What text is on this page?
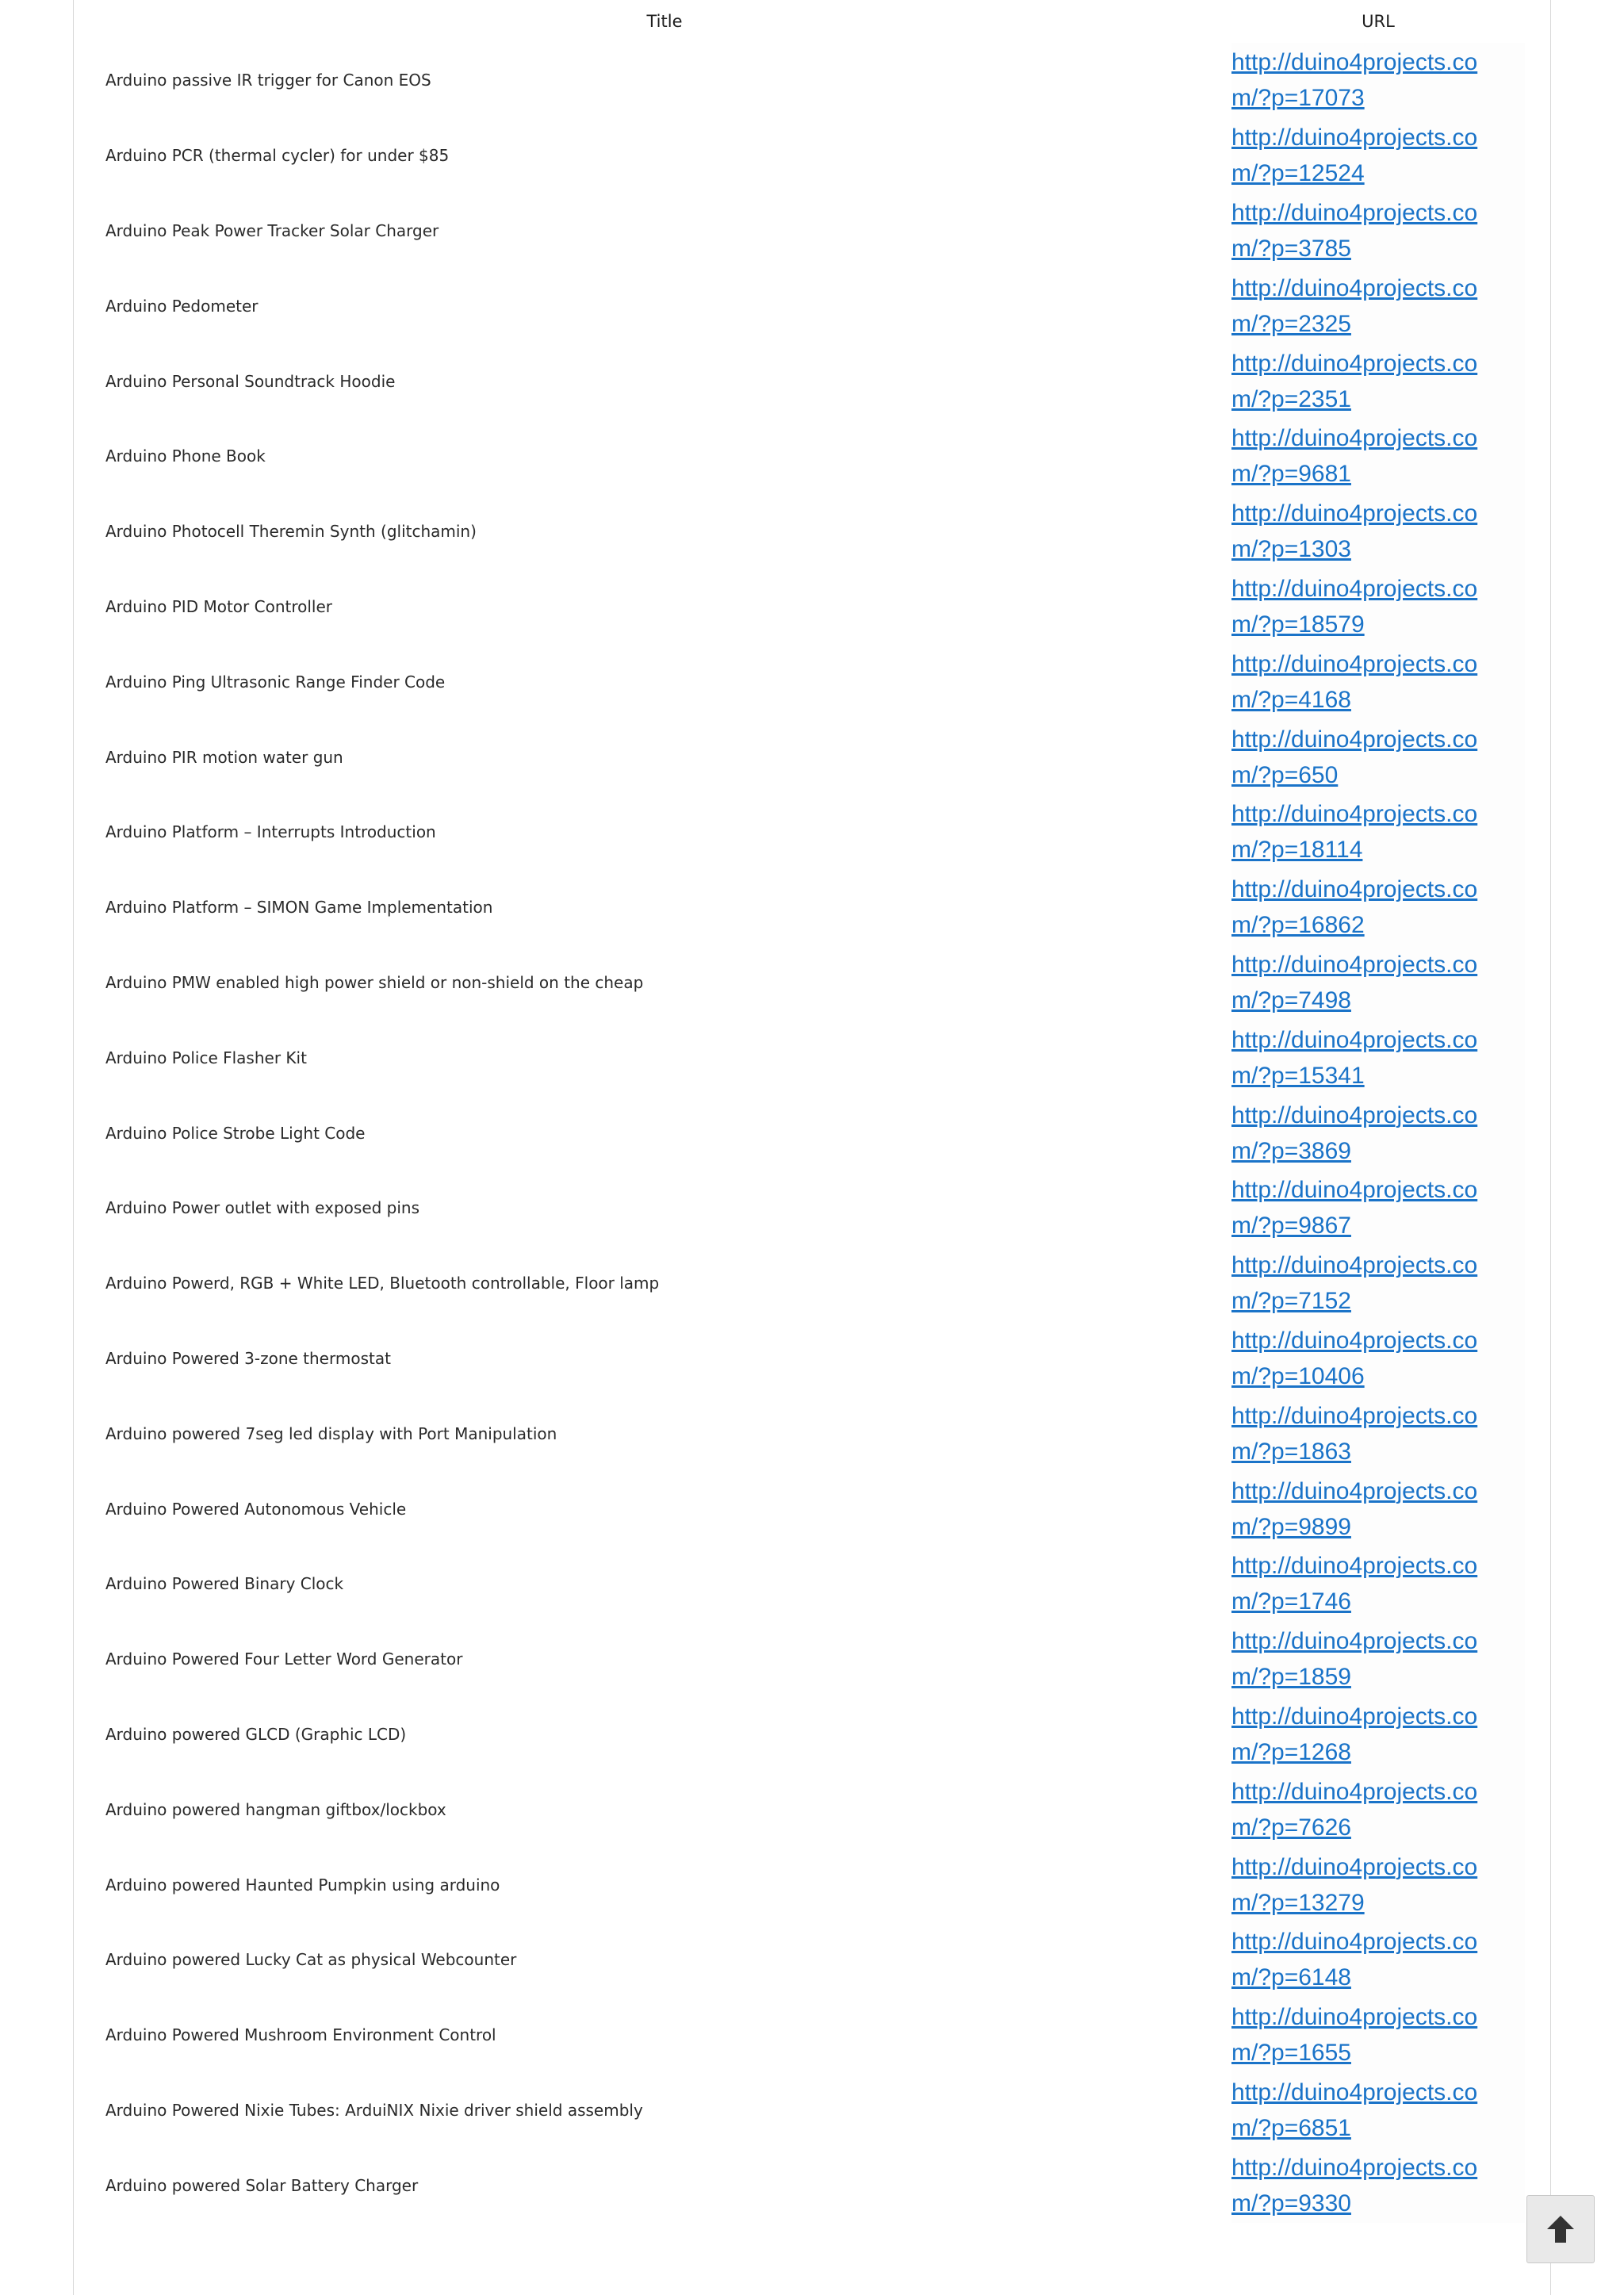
Title	URL
Arduino passive IR trigger for Canon EOS	http://duino4projects.com/?p=17073

Arduino PCR (thermal cycler) for under $85	http://duino4projects.com/?p=12524

Arduino Peak Power Tracker Solar Charger	http://duino4projects.com/?p=3785

Arduino Pedometer	http://duino4projects.com/?p=2325

Arduino Personal Soundtrack Hoodie	http://duino4projects.com/?p=2351

Arduino Phone Book	http://duino4projects.com/?p=9681

Arduino Photocell Theremin Synth (glitchamin)	http://duino4projects.com/?p=1303

Arduino PID Motor Controller	http://duino4projects.com/?p=18579

Arduino Ping Ultrasonic Range Finder Code	http://duino4projects.com/?p=4168

Arduino PIR motion water gun	http://duino4projects.com/?p=650

Arduino Platform – Interrupts Introduction	http://duino4projects.com/?p=18114

Arduino Platform – SIMON Game Implementation	http://duino4projects.com/?p=16862

Arduino PMW enabled high power shield or non-shield on the cheap	http://duino4projects.com/?p=7498

Arduino Police Flasher Kit	http://duino4projects.com/?p=15341

Arduino Police Strobe Light Code	http://duino4projects.com/?p=3869

Arduino Power outlet with exposed pins	http://duino4projects.com/?p=9867

Arduino Powerd, RGB + White LED, Bluetooth controllable, Floor lamp	http://duino4projects.com/?p=7152

Arduino Powered 3-zone thermostat	http://duino4projects.com/?p=10406

Arduino powered 7seg led display with Port Manipulation	http://duino4projects.com/?p=1863

Arduino Powered Autonomous Vehicle	http://duino4projects.com/?p=9899

Arduino Powered Binary Clock	http://duino4projects.com/?p=1746

Arduino Powered Four Letter Word Generator	http://duino4projects.com/?p=1859

Arduino powered GLCD (Graphic LCD)	http://duino4projects.com/?p=1268

Arduino powered hangman giftbox/lockbox	http://duino4projects.com/?p=7626

Arduino powered Haunted Pumpkin using arduino	http://duino4projects.com/?p=13279

Arduino powered Lucky Cat as physical Webcounter	http://duino4projects.com/?p=6148

Arduino Powered Mushroom Environment Control	http://duino4projects.com/?p=1655

Arduino Powered Nixie Tubes: ArduiNIX Nixie driver shield assembly	http://duino4projects.com/?p=6851

Arduino powered Solar Battery Charger	http://duino4projects.com/?p=9330
